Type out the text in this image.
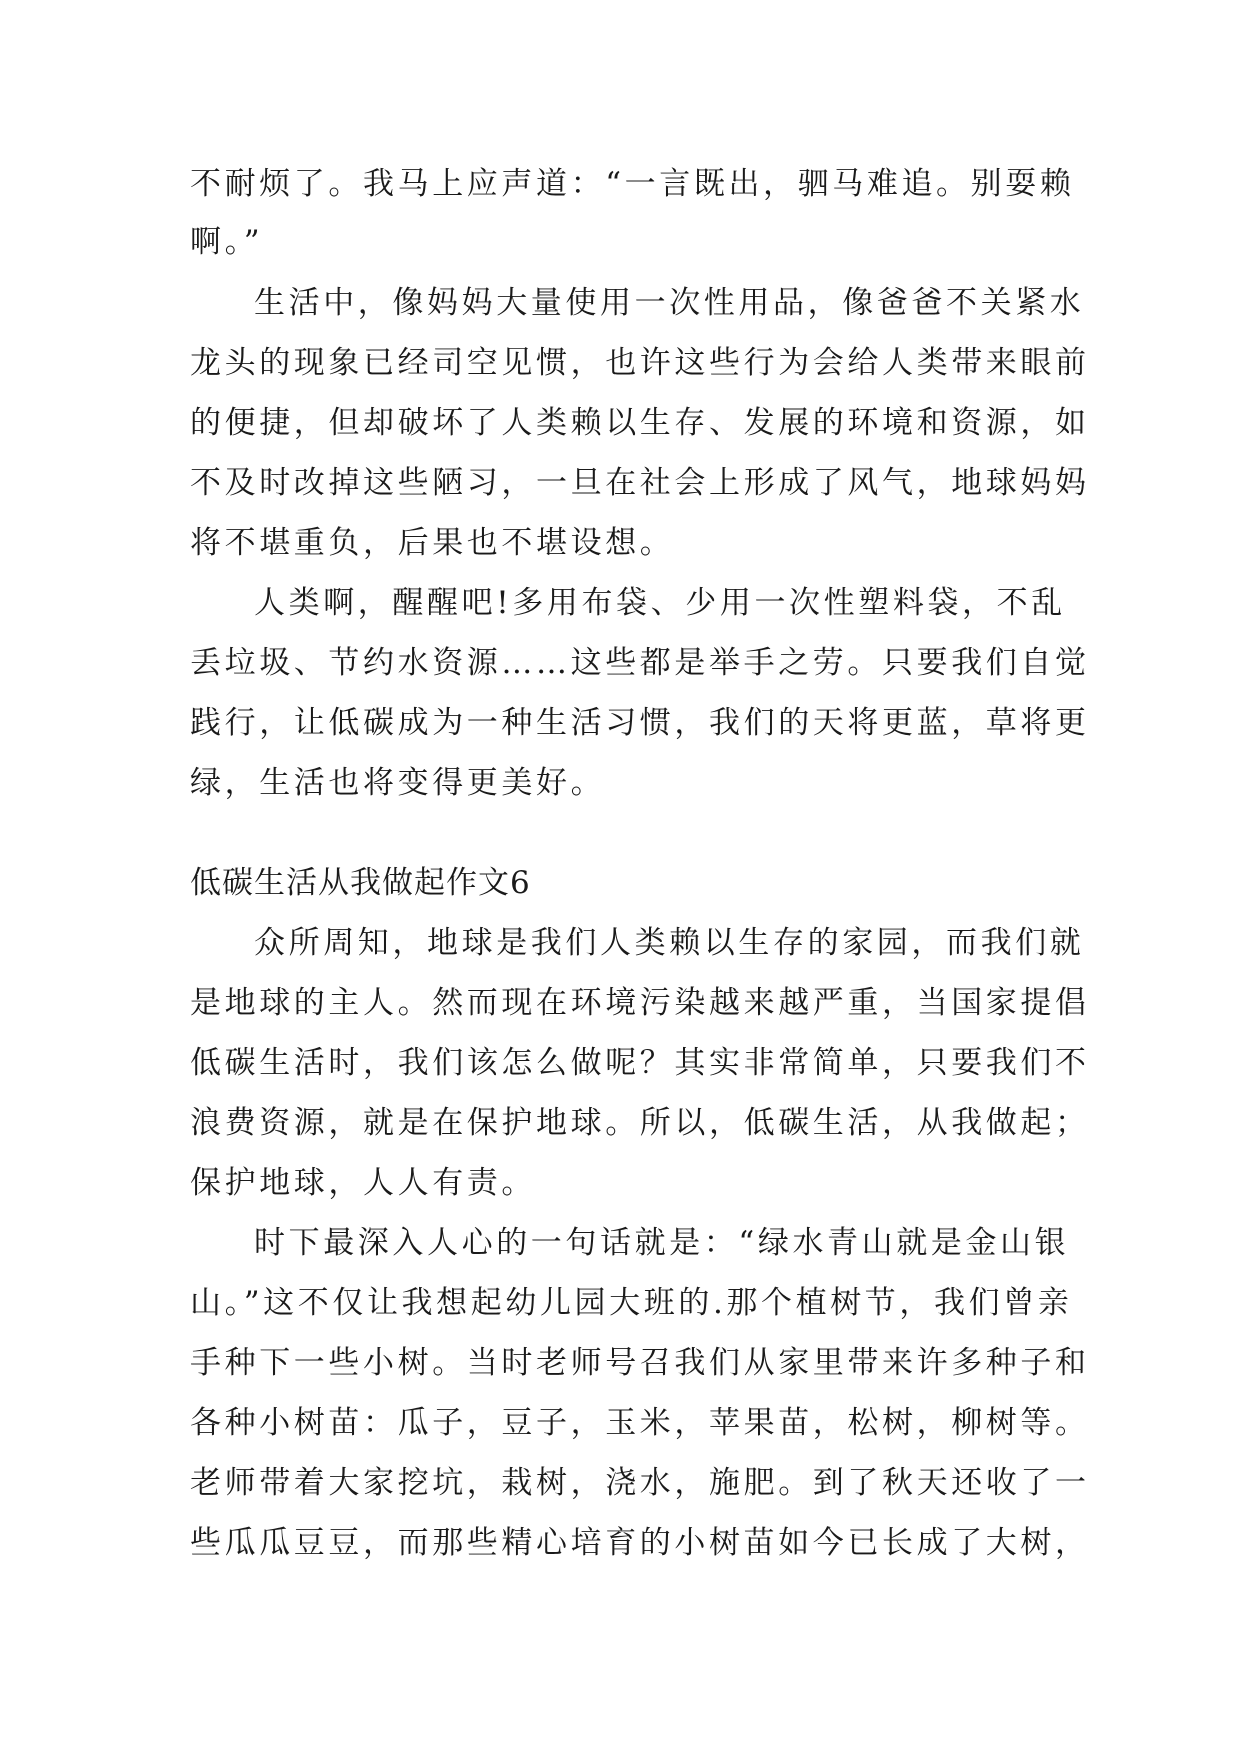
不耐烦了。我马上应声道：“一言既出，驷马难追。别耍赖
啊。”
生活中，像妈妈大量使用一次性用品，像爸爸不关紧水
龙头的现象已经司空见惯，也许这些行为会给人类带来眼前
的便捷，但却破坏了人类赖以生存、发展的环境和资源，如
不及时改掉这些陋习，一旦在社会上形成了风气，地球妈妈
将不堪重负，后果也不堪设想。
人类啊，醒醒吧!多用布袋、少用一次性塑料袋，不乱
丢垃圾、节约水资源……这些都是举手之劳。只要我们自觉
践行，让低碳成为一种生活习惯，我们的天将更蓝，草将更
绿，生活也将变得更美好。
低碳生活从我做起作文6
众所周知，地球是我们人类赖以生存的家园，而我们就
是地球的主人。然而现在环境污染越来越严重，当国家提倡
低碳生活时，我们该怎么做呢？其实非常简单，只要我们不
浪费资源，就是在保护地球。所以，低碳生活，从我做起；
保护地球，人人有责。
时下最深入人心的一句话就是：“绿水青山就是金山银
山。”这不仅让我想起幼儿园大班的.那个植树节，我们曾亲
手种下一些小树。当时老师号召我们从家里带来许多种子和
各种小树苗：瓜子，豆子，玉米，苹果苗，松树，柳树等。
老师带着大家挖坑，栽树，浇水，施肥。到了秋天还收了一
些瓜瓜豆豆，而那些精心培育的小树苗如今已长成了大树，
